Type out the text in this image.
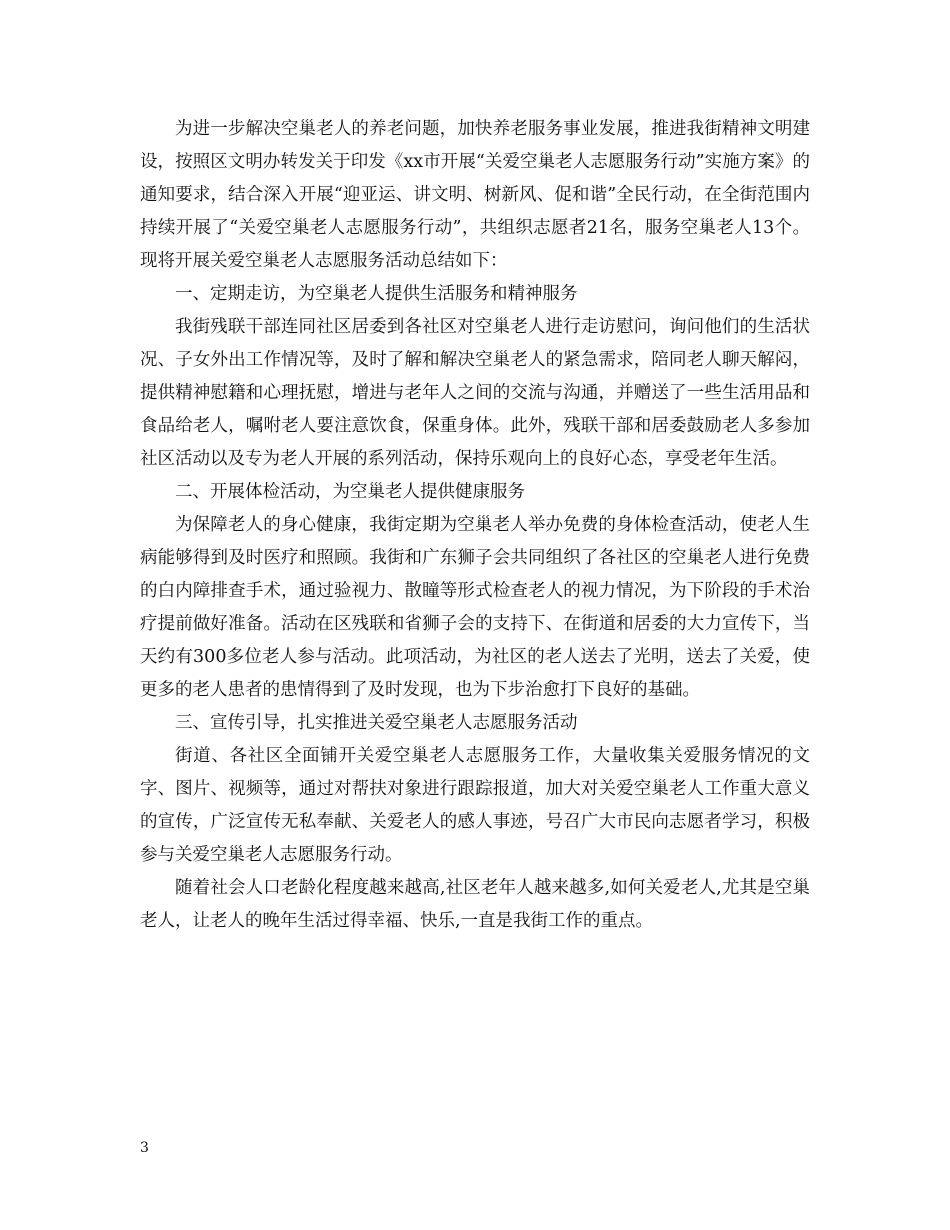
为进一步解决空巢老人的养老问题，加快养老服务事业发展，推进我街精神文明建设，按照区文明办转发关于印发《xx市开展“关爱空巢老人志愿服务行动”实施方案》的通知要求，结合深入开展“迎亚运、讲文明、树新风、促和谐”全民行动，在全街范围内持续开展了“关爱空巢老人志愿服务行动”，共组织志愿者21名，服务空巢老人13个。现将开展关爱空巢老人志愿服务活动总结如下：

一、定期走访，为空巢老人提供生活服务和精神服务

我街残联干部连同社区居委到各社区对空巢老人进行走访慰问，询问他们的生活状况、子女外出工作情况等，及时了解和解决空巢老人的紧急需求，陪同老人聊天解闷，提供精神慰籍和心理抚慰，增进与老年人之间的交流与沟通，并赠送了一些生活用品和食品给老人，嘱咐老人要注意饮食，保重身体。此外，残联干部和居委鼓励老人多参加社区活动以及专为老人开展的系列活动，保持乐观向上的良好心态，享受老年生活。

二、开展体检活动，为空巢老人提供健康服务

为保障老人的身心健康，我街定期为空巢老人举办免费的身体检查活动，使老人生病能够得到及时医疗和照顾。我街和广东狮子会共同组织了各社区的空巢老人进行免费的白内障排查手术，通过验视力、散瞳等形式检查老人的视力情况，为下阶段的手术治疗提前做好准备。活动在区残联和省狮子会的支持下、在街道和居委的大力宣传下，当天约有300多位老人参与活动。此项活动，为社区的老人送去了光明，送去了关爱，使更多的老人患者的患情得到了及时发现，也为下步治愈打下良好的基础。

三、宣传引导，扎实推进关爱空巢老人志愿服务活动

街道、各社区全面铺开关爱空巢老人志愿服务工作，大量收集关爱服务情况的文字、图片、视频等，通过对帮扶对象进行跟踪报道，加大对关爱空巢老人工作重大意义的宣传，广泛宣传无私奉献、关爱老人的感人事迹，号召广大市民向志愿者学习，积极参与关爱空巢老人志愿服务行动。

随着社会人口老龄化程度越来越高,社区老年人越来越多,如何关爱老人,尤其是空巢老人，让老人的晚年生活过得幸福、快乐,一直是我街工作的重点。

3
